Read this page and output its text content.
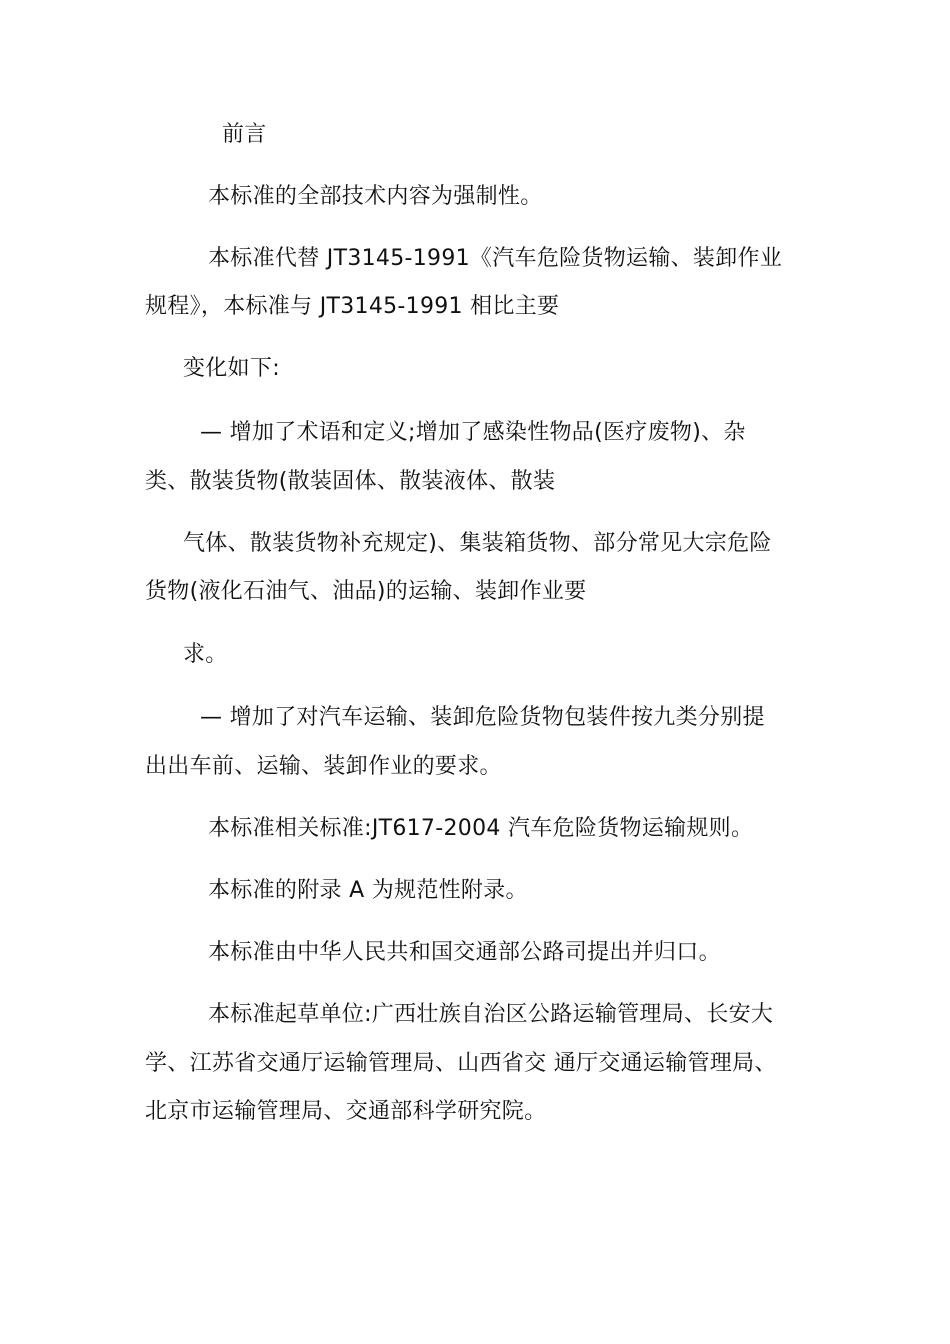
前言
本标准的全部技术内容为强制性。
本标准代替 JT3145-1991《汽车危险货物运输、装卸作业
规程》，本标准与 JT3145-1991 相比主要
变化如下:
— 增加了术语和定义;增加了感染性物品(医疗废物)、杂
类、散装货物(散装固体、散装液体、散装
气体、散装货物补充规定)、集装箱货物、部分常见大宗危险
货物(液化石油气、油品)的运输、装卸作业要
求。
— 增加了对汽车运输、装卸危险货物包装件按九类分别提
出出车前、运输、装卸作业的要求。
本标准相关标准:JT617-2004 汽车危险货物运输规则。
本标准的附录 A 为规范性附录。
本标准由中华人民共和国交通部公路司提出并归口。
本标准起草单位:广西壮族自治区公路运输管理局、长安大
学、江苏省交通厅运输管理局、山西省交 通厅交通运输管理局、
北京市运输管理局、交通部科学研究院。
